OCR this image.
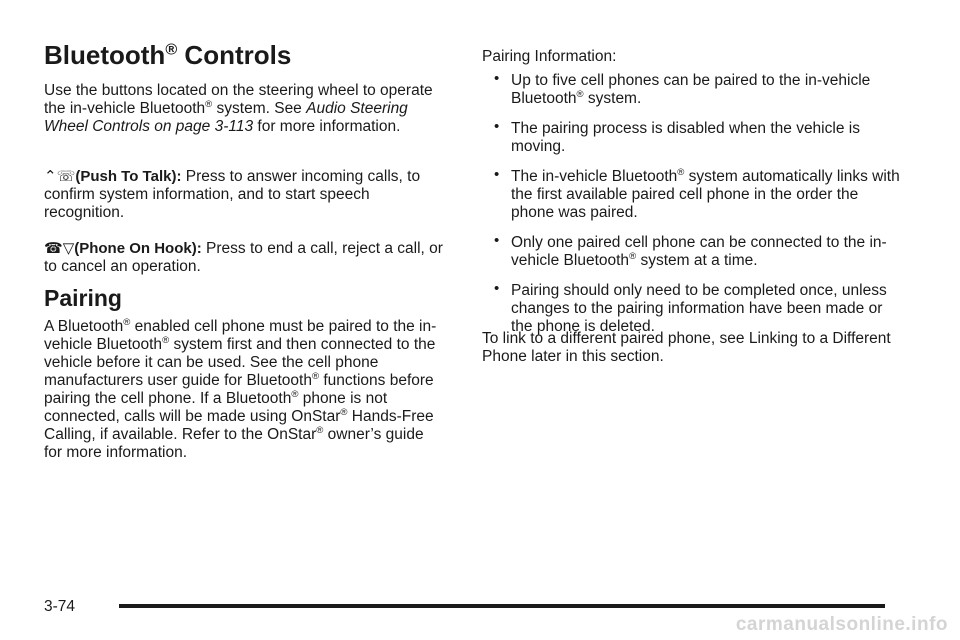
Bluetooth® Controls

Use the buttons located on the steering wheel to operate the in-vehicle Bluetooth® system. See Audio Steering Wheel Controls on page 3-113 for more information.

⌃☏(Push To Talk): Press to answer incoming calls, to confirm system information, and to start speech recognition.

☎▽(Phone On Hook): Press to end a call, reject a call, or to cancel an operation.

Pairing

A Bluetooth® enabled cell phone must be paired to the in-vehicle Bluetooth® system first and then connected to the vehicle before it can be used. See the cell phone manufacturers user guide for Bluetooth® functions before pairing the cell phone. If a Bluetooth® phone is not connected, calls will be made using OnStar® Hands-Free Calling, if available. Refer to the OnStar® owner’s guide for more information.

Pairing Information:

• Up to five cell phones can be paired to the in-vehicle Bluetooth® system.
• The pairing process is disabled when the vehicle is moving.
• The in-vehicle Bluetooth® system automatically links with the first available paired cell phone in the order the phone was paired.
• Only one paired cell phone can be connected to the in-vehicle Bluetooth® system at a time.
• Pairing should only need to be completed once, unless changes to the pairing information have been made or the phone is deleted.

To link to a different paired phone, see Linking to a Different Phone later in this section.

3-74
carmanualsonline.info
